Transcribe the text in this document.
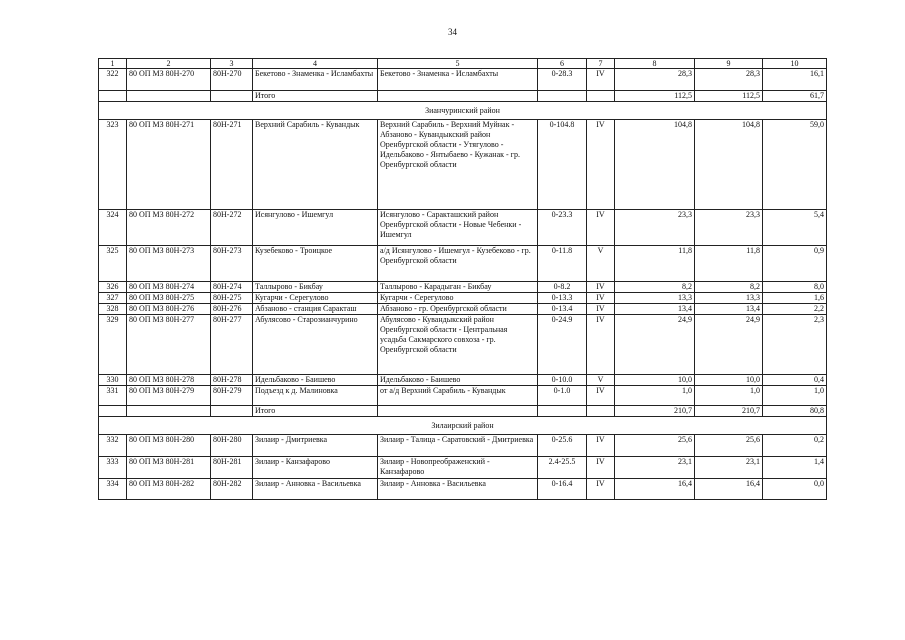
34
1	2	3	4	5	6	7	8	9	10
322	80 ОП МЗ 80Н-270	80Н-270	Бекетово - Знаменка - Исламбахты	Бекетово - Знаменка - Исламбахты	0-28.3	IV	28,3	28,3	16,1
			Итого				112,5	112,5	61,7
Зианчуринский район									
323	80 ОП МЗ 80Н-271	80Н-271	Верхний Сарабиль - Кувандык	Верхний Сарабиль - Верхний Муйнак - Абзаново - Кувандыкский район Оренбургской области - Утягулово - Идельбаково - Янтыбаево - Кужанак - гр. Оренбургской области	0-104.8	IV	104,8	104,8	59,0
324	80 ОП МЗ 80Н-272	80Н-272	Исянгулово - Ишемгул	Исянгулово - Саракташский район Оренбургской области - Новые Чебенки - Ишемгул	0-23.3	IV	23,3	23,3	5,4
325	80 ОП МЗ 80Н-273	80Н-273	Кузебеково - Троицкое	а/д Исянгулово - Ишемгул - Кузебеково - гр. Оренбургской области	0-11.8	V	11,8	11,8	0,9
326	80 ОП МЗ 80Н-274	80Н-274	Таллырово - Бикбау	Таллырово - Карадыган - Бикбау	0-8.2	IV	8,2	8,2	8,0
327	80 ОП МЗ 80Н-275	80Н-275	Кугарчи - Серегулово	Кугарчи - Серегулово	0-13.3	IV	13,3	13,3	1,6
328	80 ОП МЗ 80Н-276	80Н-276	Абзаново - станция Саракташ	Абзаново - гр. Оренбургской области	0-13.4	IV	13,4	13,4	2,2
329	80 ОП МЗ 80Н-277	80Н-277	Абулясово - Старозианчурино	Абулясово - Кувандыкский район Оренбургской области - Центральная усадьба Сакмарского совхоза - гр. Оренбургской области	0-24.9	IV	24,9	24,9	2,3
330	80 ОП МЗ 80Н-278	80Н-278	Идельбаково - Баишево	Идельбаково - Баишево	0-10.0	V	10,0	10,0	0,4
331	80 ОП МЗ 80Н-279	80Н-279	Подъезд к д. Малиновка	от а/д Верхний Сарабиль - Кувандык	0-1.0	IV	1,0	1,0	1,0
			Итого				210,7	210,7	80,8
Зилаирский район									
332	80 ОП МЗ 80Н-280	80Н-280	Зилаир - Дмитриевка	Зилаир - Талица - Саратовский - Дмитриевка	0-25.6	IV	25,6	25,6	0,2
333	80 ОП МЗ 80Н-281	80Н-281	Зилаир - Канзафарово	Зилаир - Новопреображенский - Канзафарово	2.4-25.5	IV	23,1	23,1	1,4
334	80 ОП МЗ 80Н-282	80Н-282	Зилаир - Анновка - Васильевка	Зилаир - Анновка - Васильевка	0-16.4	IV	16,4	16,4	0,0
